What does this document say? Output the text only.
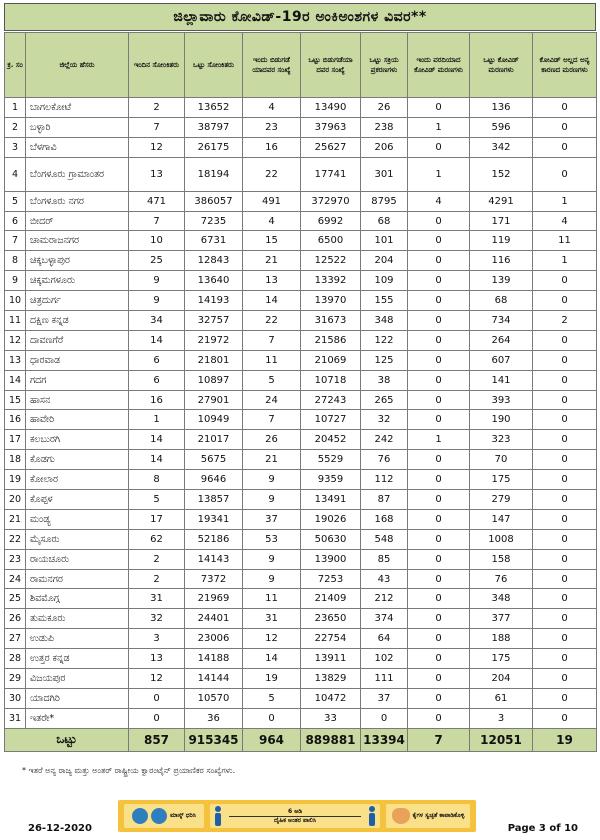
ಜಿಲ್ಲಾವಾರು ಕೋವಿಡ್-19ರ ಅಂಕಿಅಂಶಗಳ ವಿವರ**
ಕ್ರ. ಸಂ	ಜಿಲ್ಲೆಯ ಹೆಸರು	ಇಂದಿನ ಸೋಂಕಿತರು	ಒಟ್ಟು ಸೋಂಕಿತರು	ಇಂದು ಬಿಡುಗಡೆ ಯಾದವರ ಸಂಖ್ಯೆ	ಒಟ್ಟು ಬಿಡುಗಡೆಯಾ ದವರ ಸಂಖ್ಯೆ	ಒಟ್ಟು ಸಕ್ರಿಯ ಪ್ರಕರಣಗಳು	ಇಂದು ವರದಿಯಾದ ಕೋವಿಡ್ ಮರಣಗಳು	ಒಟ್ಟು ಕೋವಿಡ್ ಮರಣಗಳು	ಕೋವಿಡ್ ಅಲ್ಲದ ಅನ್ಯ ಕಾರಣದ ಮರಣಗಳು
1	ಬಾಗಲಕೋಟೆ	2	13652	4	13490	26	0	136	0
2	ಬಳ್ಳಾರಿ	7	38797	23	37963	238	1	596	0
3	ಬೆಳಗಾವಿ	12	26175	16	25627	206	0	342	0
4	ಬೆಂಗಳೂರು ಗ್ರಾಮಾಂತರ	13	18194	22	17741	301	1	152	0
5	ಬೆಂಗಳೂರು ನಗರ	471	386057	491	372970	8795	4	4291	1
6	ಬೀದರ್	7	7235	4	6992	68	0	171	4
7	ಚಾಮರಾಜನಗರ	10	6731	15	6500	101	0	119	11
8	ಚಿಕ್ಕಬಳ್ಳಾಪುರ	25	12843	21	12522	204	0	116	1
9	ಚಿಕ್ಕಮಗಳೂರು	9	13640	13	13392	109	0	139	0
10	ಚಿತ್ರದುರ್ಗ	9	14193	14	13970	155	0	68	0
11	ದಕ್ಷಿಣ ಕನ್ನಡ	34	32757	22	31673	348	0	734	2
12	ದಾವಣಗೆರೆ	14	21972	7	21586	122	0	264	0
13	ಧಾರವಾಡ	6	21801	11	21069	125	0	607	0
14	ಗದಗ	6	10897	5	10718	38	0	141	0
15	ಹಾಸನ	16	27901	24	27243	265	0	393	0
16	ಹಾವೇರಿ	1	10949	7	10727	32	0	190	0
17	ಕಲಬುರಗಿ	14	21017	26	20452	242	1	323	0
18	ಕೊಡಗು	14	5675	21	5529	76	0	70	0
19	ಕೋಲಾರ	8	9646	9	9359	112	0	175	0
20	ಕೊಪ್ಪಳ	5	13857	9	13491	87	0	279	0
21	ಮಂಡ್ಯ	17	19341	37	19026	168	0	147	0
22	ಮೈಸೂರು	62	52186	53	50630	548	0	1008	0
23	ರಾಯಚೂರು	2	14143	9	13900	85	0	158	0
24	ರಾಮನಗರ	2	7372	9	7253	43	0	76	0
25	ಶಿವಮೊಗ್ಗ	31	21969	11	21409	212	0	348	0
26	ತುಮಕೂರು	32	24401	31	23650	374	0	377	0
27	ಉಡುಪಿ	3	23006	12	22754	64	0	188	0
28	ಉತ್ತರ ಕನ್ನಡ	13	14188	14	13911	102	0	175	0
29	ವಿಜಯಪುರ	12	14144	19	13829	111	0	204	0
30	ಯಾದಗಿರಿ	0	10570	5	10472	37	0	61	0
31	ಇತರೇ*	0	36	0	33	0	0	3	0
ಒಟ್ಟು		857	915345	964	889881	13394	7	12051	19
* ಇತರೆ ಅನ್ಯ ರಾಜ್ಯ ಮತ್ತು ಅಂತರ್ ರಾಷ್ಟ್ರೀಯ ಕ್ವಾರಂಟೈನ್ ಪ್ರಯಾಣಿಕರ ಸಂಖ್ಯೆಗಳು.
26-12-2020
ಮಾಸ್ಕ್ ಧರಿಸಿ
6 ಅಡಿ
ದೈಹಿಕ ಅಂತರ ಪಾಲಿಸಿ
ಕೈಗಳ ಸ್ವಚ್ಛತೆ ಕಾಪಾಡಿಕೊಳ್ಳಿ
Page 3 of 10
